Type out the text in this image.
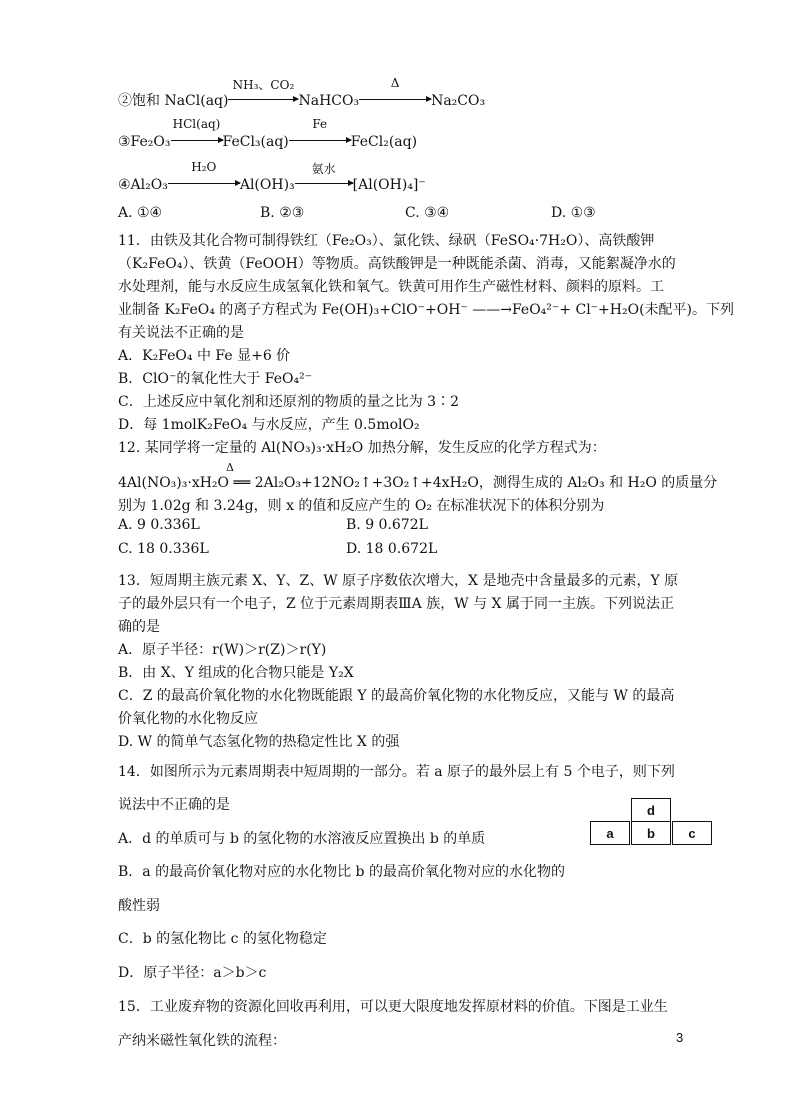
②饱和 NaCl(aq)
NH₃、CO₂
NaHCO₃
Δ
Na₂CO₃
③Fe₂O₃
HCl(aq)
FeCl₃(aq)
Fe
FeCl₂(aq)
④Al₂O₃
H₂O
Al(OH)₃
氨水
[Al(OH)₄]⁻
A. ①④	B. ②③	C. ③④	D. ①③
11．由铁及其化合物可制得铁红（Fe₂O₃）、氯化铁、绿矾（FeSO₄·7H₂O）、高铁酸钾
（K₂FeO₄）、铁黄（FeOOH）等物质。高铁酸钾是一种既能杀菌、消毒，又能絮凝净水的
水处理剂，能与水反应生成氢氧化铁和氧气。铁黄可用作生产磁性材料、颜料的原料。工
业制备 K₂FeO₄ 的离子方程式为 Fe(OH)₃+ClO⁻+OH⁻ ——→FeO₄²⁻+ Cl⁻+H₂O(未配平)。下列
有关说法不正确的是
A．K₂FeO₄ 中 Fe 显+6 价
B．ClO⁻的氧化性大于 FeO₄²⁻
C．上述反应中氧化剂和还原剂的物质的量之比为 3∶2
D．每 1molK₂FeO₄ 与水反应，产生 0.5molO₂
12. 某同学将一定量的 Al(NO₃)₃·xH₂O 加热分解，发生反应的化学方程式为：
Δ
4Al(NO₃)₃·xH₂O ══ 2Al₂O₃+12NO₂↑+3O₂↑+4xH₂O，测得生成的 Al₂O₃ 和 H₂O 的质量分
别为 1.02g 和 3.24g，则 x 的值和反应产生的 O₂ 在标准状况下的体积分别为
A. 9 0.336L	B. 9 0.672L
C. 18 0.336L	D. 18 0.672L
13．短周期主族元素 X、Y、Z、W 原子序数依次增大，X 是地壳中含量最多的元素，Y 原
子的最外层只有一个电子，Z 位于元素周期表ⅢA 族，W 与 X 属于同一主族。下列说法正
确的是
A．原子半径：r(W)＞r(Z)＞r(Y)
B．由 X、Y 组成的化合物只能是 Y₂X
C．Z 的最高价氧化物的水化物既能跟 Y 的最高价氧化物的水化物反应，又能与 W 的最高
价氧化物的水化物反应
D. W 的简单气态氢化物的热稳定性比 X 的强
14．如图所示为元素周期表中短周期的一部分。若 a 原子的最外层上有 5 个电子，则下列
说法中不正确的是
A．d 的单质可与 b 的氢化物的水溶液反应置换出 b 的单质
B．a 的最高价氧化物对应的水化物比 b 的最高价氧化物对应的水化物的
酸性弱
C．b 的氢化物比 c 的氢化物稳定
D．原子半径：a＞b＞c
d
a	b	c
15．工业废弃物的资源化回收再利用，可以更大限度地发挥原材料的价值。下图是工业生
产纳米磁性氧化铁的流程：	3
